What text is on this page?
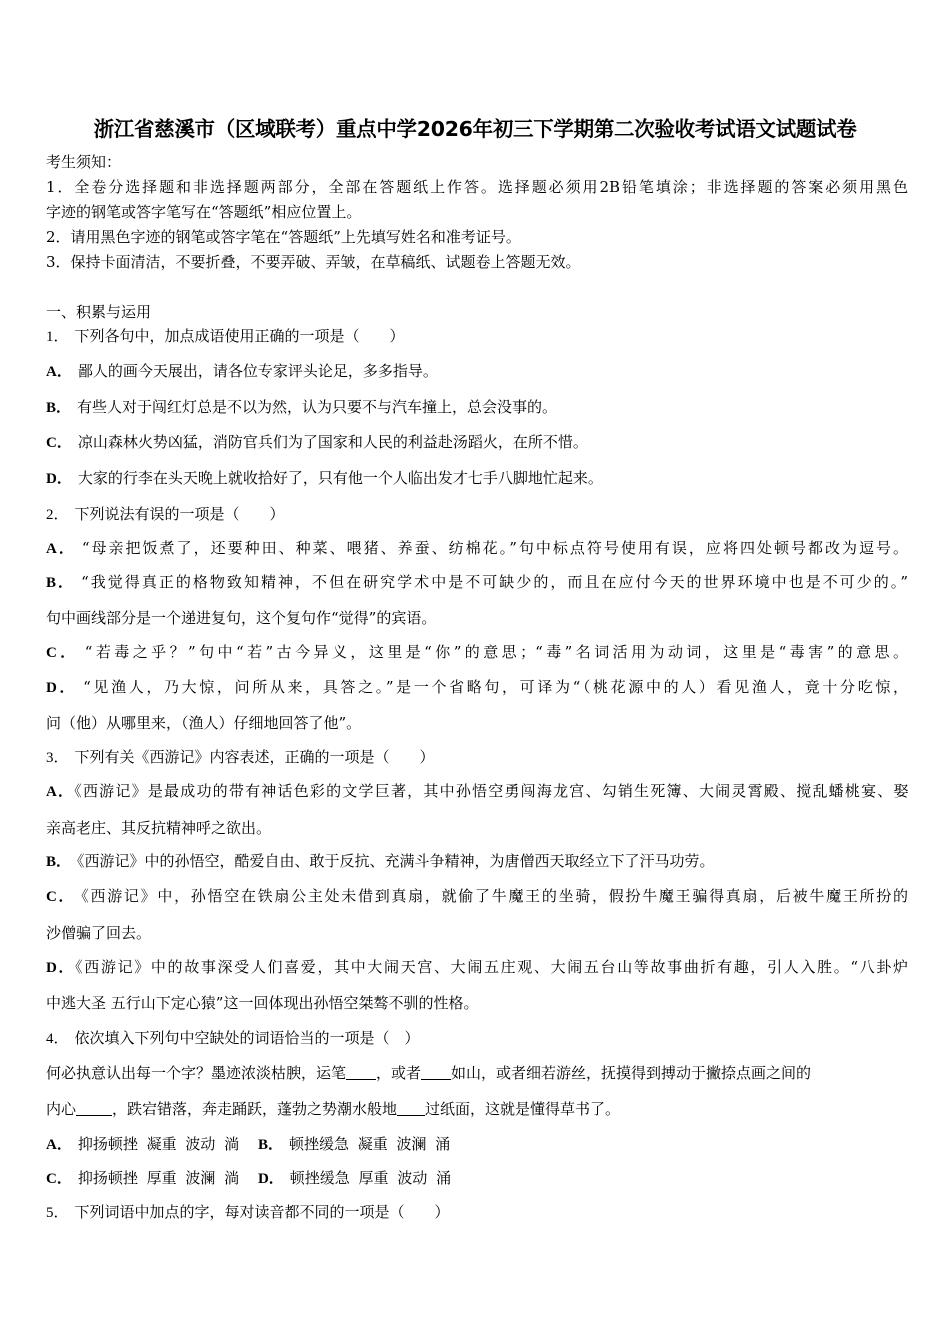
浙江省慈溪市（区域联考）重点中学2026年初三下学期第二次验收考试语文试题试卷
考生须知：
1．全卷分选择题和非选择题两部分，全部在答题纸上作答。选择题必须用2B铅笔填涂；非选择题的答案必须用黑色
字迹的钢笔或答字笔写在“答题纸”相应位置上。
2．请用黑色字迹的钢笔或答字笔在“答题纸”上先填写姓名和准考证号。
3．保持卡面清洁，不要折叠，不要弄破、弄皱，在草稿纸、试题卷上答题无效。
一、积累与运用
1． 下列各句中，加点成语使用正确的一项是（　　）
A． 鄙人的画今天展出，请各位专家评头论足，多多指导。
B． 有些人对于闯红灯总是不以为然，认为只要不与汽车撞上，总会没事的。
C． 凉山森林火势凶猛，消防官兵们为了国家和人民的利益赴汤蹈火，在所不惜。
D． 大家的行李在头天晚上就收拾好了，只有他一个人临出发才七手八脚地忙起来。
2． 下列说法有误的一项是（　　）
A． “母亲把饭煮了，还要种田、种菜、喂猪、养蚕、纺棉花。”句中标点符号使用有误，应将四处顿号都改为逗号。
B． “我觉得真正的格物致知精神，不但在研究学术中是不可缺少的，而且在应付今天的世界环境中也是不可少的。”
句中画线部分是一个递进复句，这个复句作“觉得”的宾语。
C． “若毒之乎？”句中“若”古今异义，这里是“你”的意思；“毒”名词活用为动词，这里是“毒害”的意思。
D． “见渔人，乃大惊，问所从来，具答之。”是一个省略句，可译为“（桃花源中的人）看见渔人，竟十分吃惊，
问（他）从哪里来，（渔人）仔细地回答了他”。
3． 下列有关《西游记》内容表述，正确的一项是（　　）
A．《西游记》是最成功的带有神话色彩的文学巨著，其中孙悟空勇闯海龙宫、勾销生死簿、大闹灵霄殿、搅乱蟠桃宴、娶
亲高老庄、其反抗精神呼之欲出。
B． 《西游记》中的孙悟空，酷爱自由、敢于反抗、充满斗争精神，为唐僧西天取经立下了汗马功劳。
C． 《西游记》中，孙悟空在铁扇公主处未借到真扇，就偷了牛魔王的坐骑，假扮牛魔王骗得真扇，后被牛魔王所扮的
沙僧骗了回去。
D．《西游记》中的故事深受人们喜爱，其中大闹天宫、大闹五庄观、大闹五台山等故事曲折有趣，引人入胜。“八卦炉
中逃大圣 五行山下定心猿”这一回体现出孙悟空桀骜不驯的性格。
4． 依次填入下列句中空缺处的词语恰当的一项是（　）
何必执意认出每一个字？墨迹浓淡枯腴，运笔 ，或者 如山，或者细若游丝，抚摸得到搏动于撇捺点画之间的
内心 ，跌宕错落，奔走踊跃，蓬勃之势潮水般地 过纸面，这就是懂得草书了。
A． 抑扬顿挫 凝重 波动 淌 B． 顿挫缓急 凝重 波澜 涌
C． 抑扬顿挫 厚重 波澜 淌 D． 顿挫缓急 厚重 波动 涌
5． 下列词语中加点的字，每对读音都不同的一项是（　　）
